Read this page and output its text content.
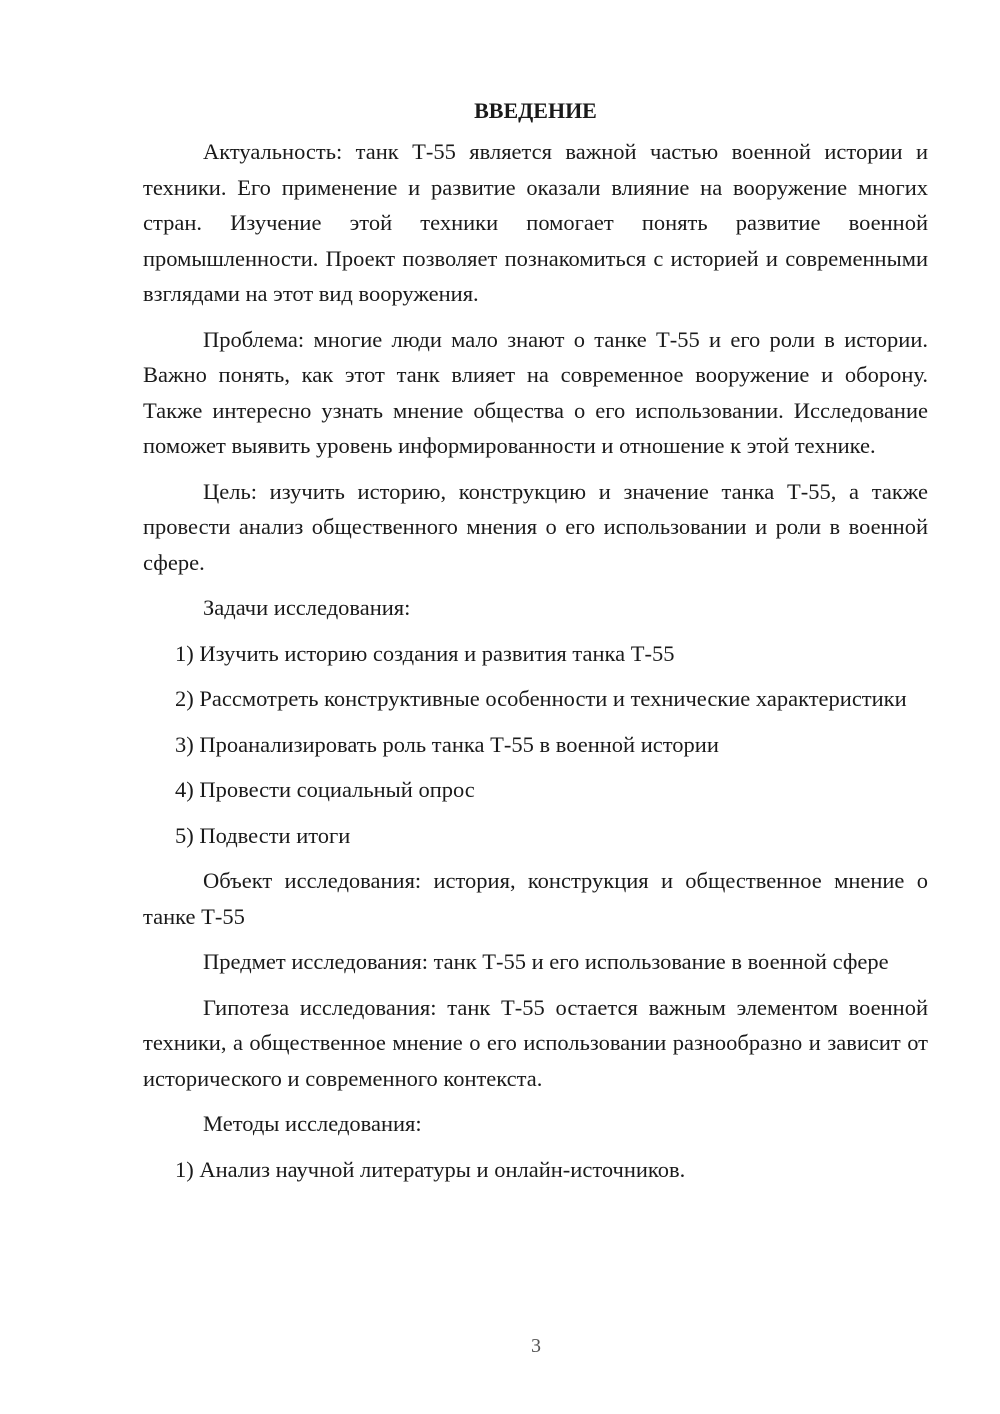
ВВЕДЕНИЕ

Актуальность: танк Т-55 является важной частью военной истории и техники. Его применение и развитие оказали влияние на вооружение многих стран. Изучение этой техники помогает понять развитие военной промышленности. Проект позволяет познакомиться с историей и современными взглядами на этот вид вооружения.

Проблема: многие люди мало знают о танке Т-55 и его роли в истории. Важно понять, как этот танк влияет на современное вооружение и оборону. Также интересно узнать мнение общества о его использовании. Исследование поможет выявить уровень информированности и отношение к этой технике.

Цель: изучить историю, конструкцию и значение танка Т-55, а также провести анализ общественного мнения о его использовании и роли в военной сфере.

Задачи исследования:

1) Изучить историю создания и развития танка Т-55

2) Рассмотреть конструктивные особенности и технические характеристики

3) Проанализировать роль танка Т-55 в военной истории

4) Провести социальный опрос

5) Подвести итоги

Объект исследования: история, конструкция и общественное мнение о танке Т-55

Предмет исследования: танк Т-55 и его использование в военной сфере

Гипотеза исследования: танк Т-55 остается важным элементом военной техники, а общественное мнение о его использовании разнообразно и зависит от исторического и современного контекста.

Методы исследования:

1) Анализ научной литературы и онлайн-источников.

3
